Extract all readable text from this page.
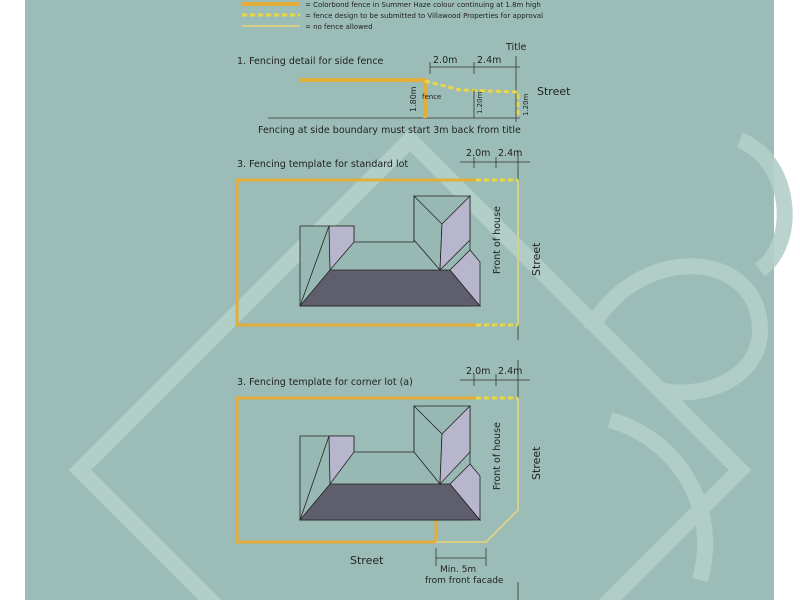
= Colorbond fence in Summer Haze colour continuing at 1.8m high
= fence design to be submitted to Villawood Properties for approval
= no fence allowed
1. Fencing detail for side fence
Title
2.0m 2.4m
Street
1.80m fence	1.20m	1.20m
Fencing at side boundary must start 3m back from title
3. Fencing template for standard lot
2.0m 2.4m
Front of house Street
3. Fencing template for corner lot (a)
2.0m 2.4m
Front of house Street
Street
Min. 5m
from front facade
